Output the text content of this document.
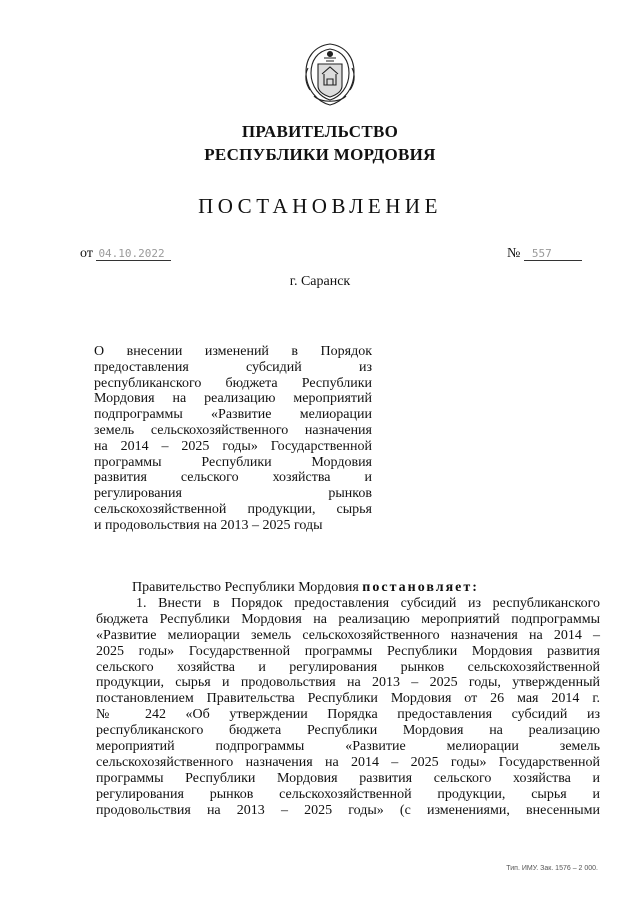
ПРАВИТЕЛЬСТВО
РЕСПУБЛИКИ МОРДОВИЯ
ПОСТАНОВЛЕНИЕ
от 04.10.2022	№ 557
г. Саранск
О внесении изменений в Порядок
предоставления субсидий из
республиканского бюджета Республики
Мордовия на реализацию мероприятий
подпрограммы «Развитие мелиорации
земель сельскохозяйственного назначения
на 2014 – 2025 годы» Государственной
программы Республики Мордовия
развития сельского хозяйства и
регулирования рынков
сельскохозяйственной продукции, сырья
и продовольствия на 2013 – 2025 годы
Правительство Республики Мордовия постановляет:
1. Внести в Порядок предоставления субсидий из республиканского
бюджета Республики Мордовия на реализацию мероприятий подпрограммы
«Развитие мелиорации земель сельскохозяйственного назначения на 2014 –
2025 годы» Государственной программы Республики Мордовия развития
сельского хозяйства и регулирования рынков сельскохозяйственной
продукции, сырья и продовольствия на 2013 – 2025 годы, утвержденный
постановлением Правительства Республики Мордовия от 26 мая 2014 г.
№ 242 «Об утверждении Порядка предоставления субсидий из
республиканского бюджета Республики Мордовия на реализацию
мероприятий подпрограммы «Развитие мелиорации земель
сельскохозяйственного назначения на 2014 – 2025 годы» Государственной
программы Республики Мордовия развития сельского хозяйства и
регулирования рынков сельскохозяйственной продукции, сырья и
продовольствия на 2013 – 2025 годы» (с изменениями, внесенными
Тип. ИМУ. Зак. 1576 – 2 000.
